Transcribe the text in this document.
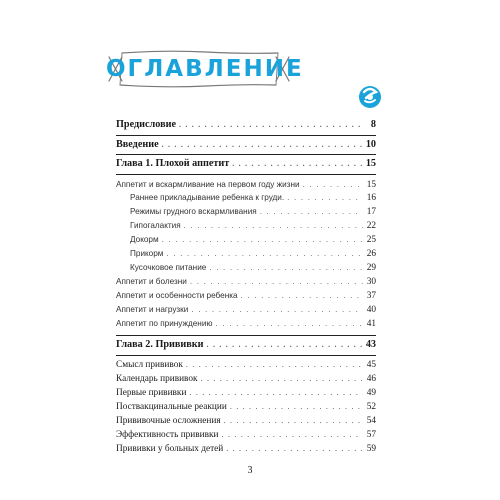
ОГЛАВЛЕНИЕ
Предисловие . . .	8
Введение . . .	10
Глава 1. Плохой аппетит . . .	15
Аппетит и вскармливание на первом году жизни . . .	15
Раннее прикладывание ребенка к груди. . . .	16
Режимы грудного вскармливания . . .	17
Гипогалактия . . .	22
Докорм . . .	25
Прикорм . . .	26
Кусочковое питание . . .	29
Аппетит и болезни . . .	30
Аппетит и особенности ребенка . . .	37
Аппетит и нагрузки . . .	40
Аппетит по принуждению . . .	41
Глава 2. Прививки . . .	43
Смысл прививок . . .	45
Календарь прививок . . .	46
Первые прививки . . .	49
Поствакцинальные реакции . . .	52
Прививочные осложнения . . .	54
Эффективность прививки . . .	57
Прививки у больных детей . . .	59
3
